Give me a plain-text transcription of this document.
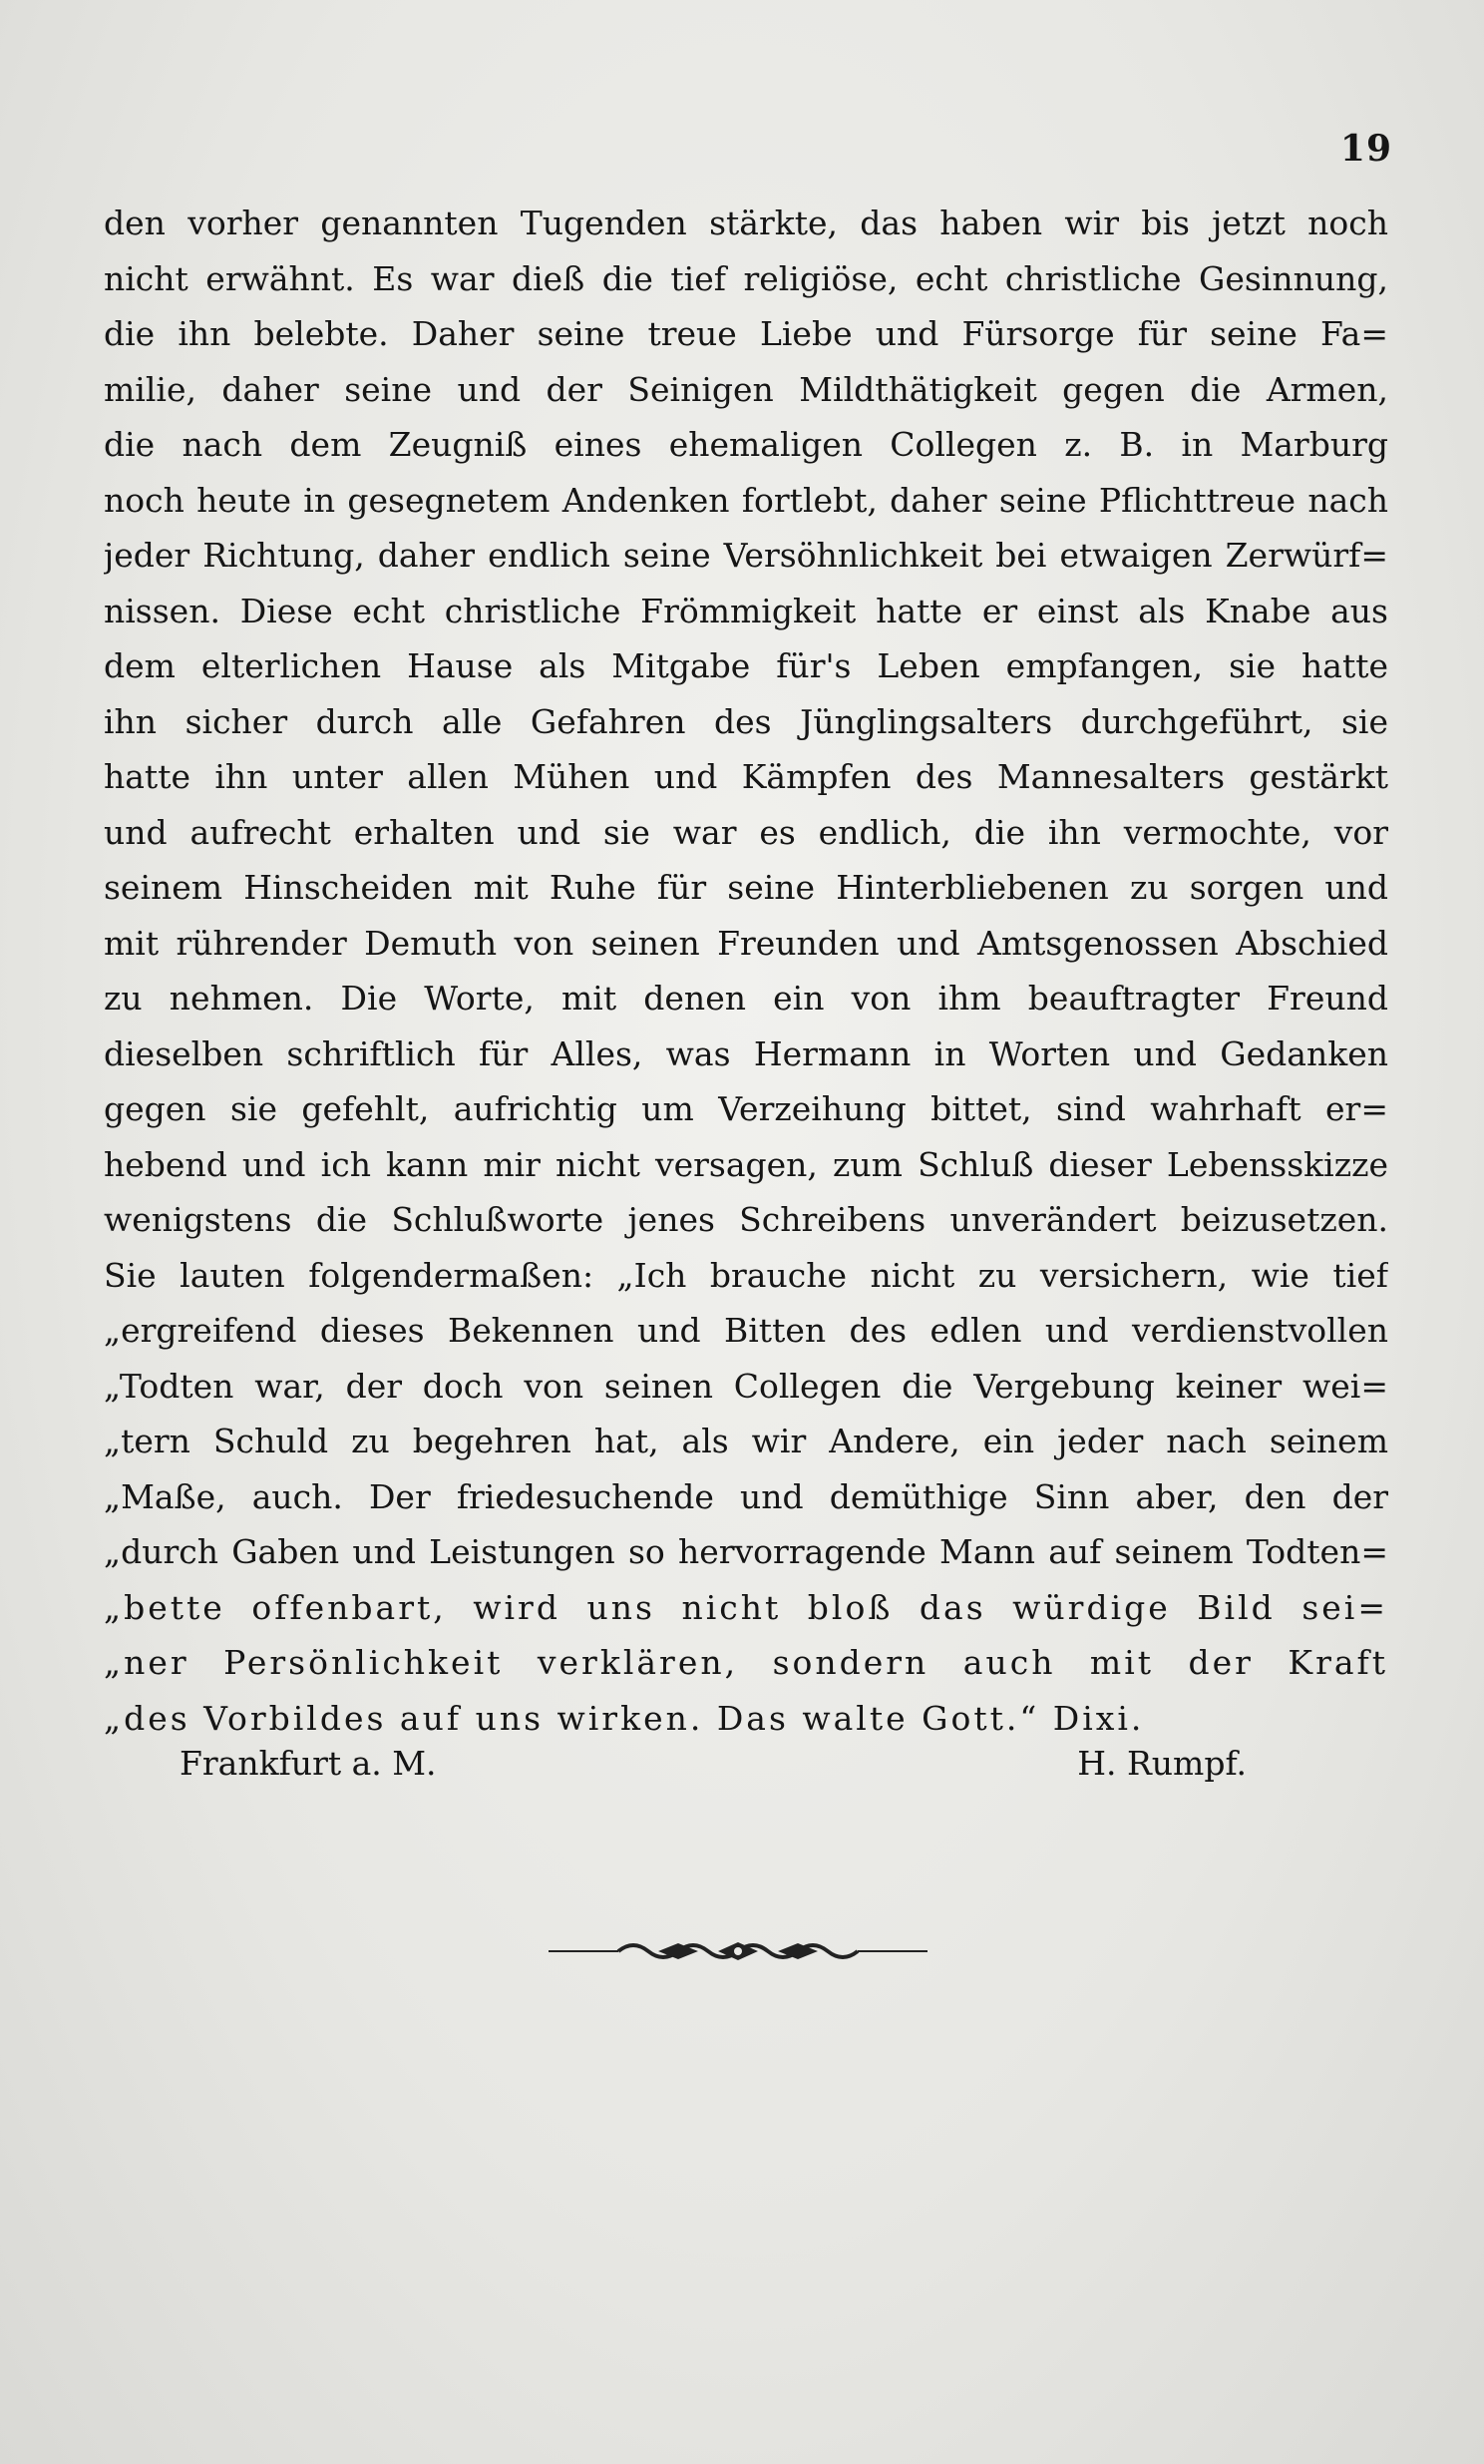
19
den vorher genannten Tugenden stärkte, das haben wir bis jetzt noch
nicht erwähnt. Es war dieß die tief religiöse, echt christliche Gesinnung,
die ihn belebte. Daher seine treue Liebe und Fürsorge für seine Fa=
milie, daher seine und der Seinigen Mildthätigkeit gegen die Armen,
die nach dem Zeugniß eines ehemaligen Collegen z. B. in Marburg
noch heute in gesegnetem Andenken fortlebt, daher seine Pflichttreue nach
jeder Richtung, daher endlich seine Versöhnlichkeit bei etwaigen Zerwürf=
nissen. Diese echt christliche Frömmigkeit hatte er einst als Knabe aus
dem elterlichen Hause als Mitgabe für's Leben empfangen, sie hatte
ihn sicher durch alle Gefahren des Jünglingsalters durchgeführt, sie
hatte ihn unter allen Mühen und Kämpfen des Mannesalters gestärkt
und aufrecht erhalten und sie war es endlich, die ihn vermochte, vor
seinem Hinscheiden mit Ruhe für seine Hinterbliebenen zu sorgen und
mit rührender Demuth von seinen Freunden und Amtsgenossen Abschied
zu nehmen. Die Worte, mit denen ein von ihm beauftragter Freund
dieselben schriftlich für Alles, was Hermann in Worten und Gedanken
gegen sie gefehlt, aufrichtig um Verzeihung bittet, sind wahrhaft er=
hebend und ich kann mir nicht versagen, zum Schluß dieser Lebensskizze
wenigstens die Schlußworte jenes Schreibens unverändert beizusetzen.
Sie lauten folgendermaßen: „Ich brauche nicht zu versichern, wie tief
„ergreifend dieses Bekennen und Bitten des edlen und verdienstvollen
„Todten war, der doch von seinen Collegen die Vergebung keiner wei=
„tern Schuld zu begehren hat, als wir Andere, ein jeder nach seinem
„Maße, auch. Der friedesuchende und demüthige Sinn aber, den der
„durch Gaben und Leistungen so hervorragende Mann auf seinem Todten=
„bette offenbart, wird uns nicht bloß das würdige Bild sei=
„ner Persönlichkeit verklären, sondern auch mit der Kraft
„des Vorbildes auf uns wirken. Das walte Gott.“ Dixi.
Frankfurt a. M.	H. Rumpf.
